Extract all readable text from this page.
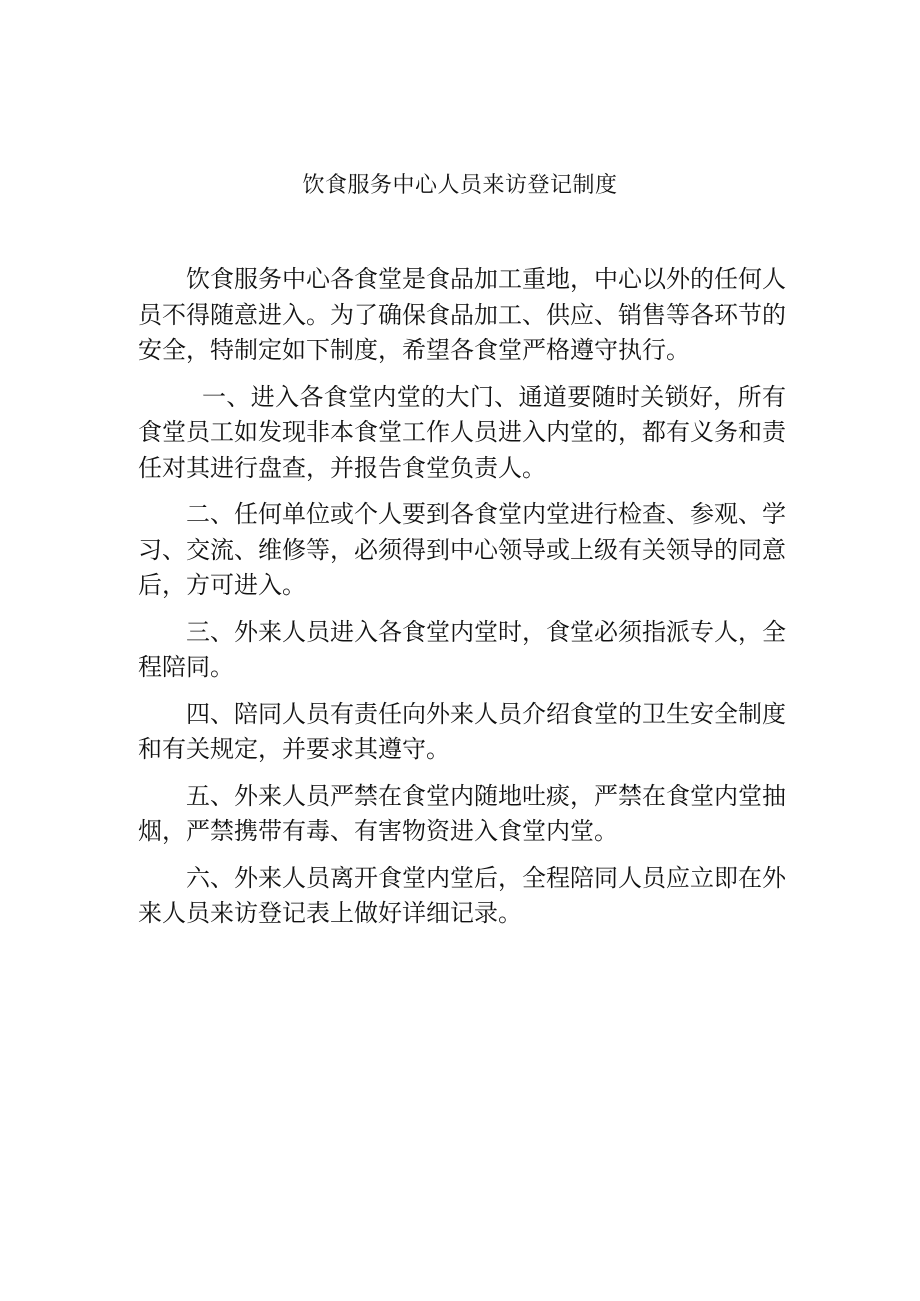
饮食服务中心人员来访登记制度

饮食服务中心各食堂是食品加工重地，中心以外的任何人员不得随意进入。为了确保食品加工、供应、销售等各环节的安全，特制定如下制度，希望各食堂严格遵守执行。

一、进入各食堂内堂的大门、通道要随时关锁好，所有食堂员工如发现非本食堂工作人员进入内堂的，都有义务和责任对其进行盘查，并报告食堂负责人。

二、任何单位或个人要到各食堂内堂进行检查、参观、学习、交流、维修等，必须得到中心领导或上级有关领导的同意后，方可进入。

三、外来人员进入各食堂内堂时，食堂必须指派专人，全程陪同。

四、陪同人员有责任向外来人员介绍食堂的卫生安全制度和有关规定，并要求其遵守。

五、外来人员严禁在食堂内随地吐痰，严禁在食堂内堂抽烟，严禁携带有毒、有害物资进入食堂内堂。

六、外来人员离开食堂内堂后，全程陪同人员应立即在外来人员来访登记表上做好详细记录。
